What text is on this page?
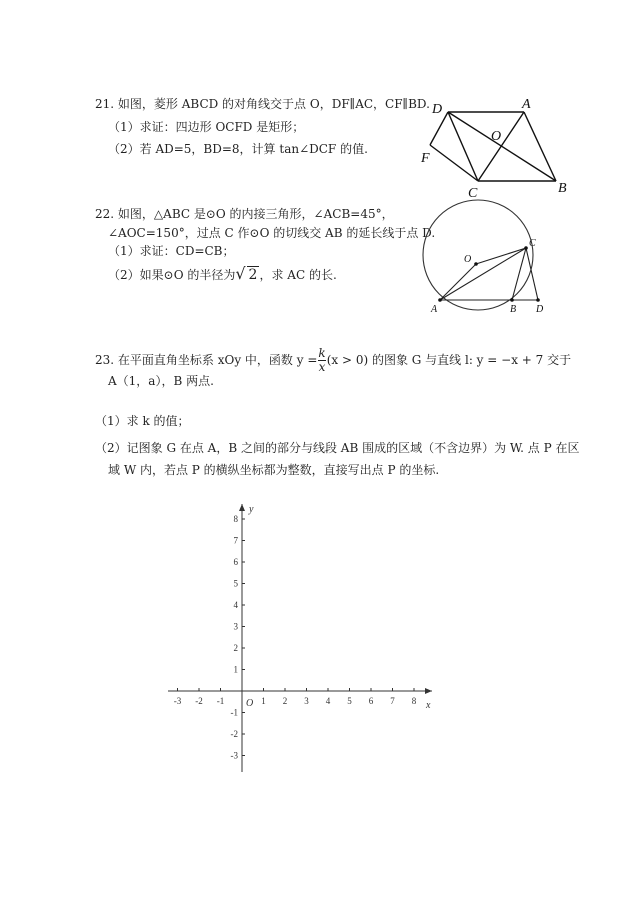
21. 如图，菱形 ABCD 的对角线交于点 O，DF∥AC，CF∥BD.
（1）求证：四边形 OCFD 是矩形；
（2）若 AD=5，BD=8，计算 tan∠DCF 的值.
D	A
O
F
C	B
22. 如图，△ABC 是⊙O 的内接三角形，∠ACB=45°，
∠AOC=150°，过点 C 作⊙O 的切线交 AB 的延长线于点 D.
（1）求证：CD=CB；
（2）如果⊙O 的半径为√ 2 ，求 AC 的长.
O
C
A	B D
23. 在平面直角坐标系 xOy 中，函数 $y = \frac{k}{x} (x > 0)$ 的图象 G 与直线 l: y = −x + 7 交于
A（1，a），B 两点.
（1）求 k 的值；
（2）记图象 G 在点 A，B 之间的部分与线段 AB 围成的区域（不含边界）为 W. 点 P 在区
域 W 内，若点 P 的横纵坐标都为整数，直接写出点 P 的坐标.
x
y
O
-3 -2 -1	1 2 3 4 5 6 7 8
8
7
6
5
4
3
2
1
-1
-2
-3
